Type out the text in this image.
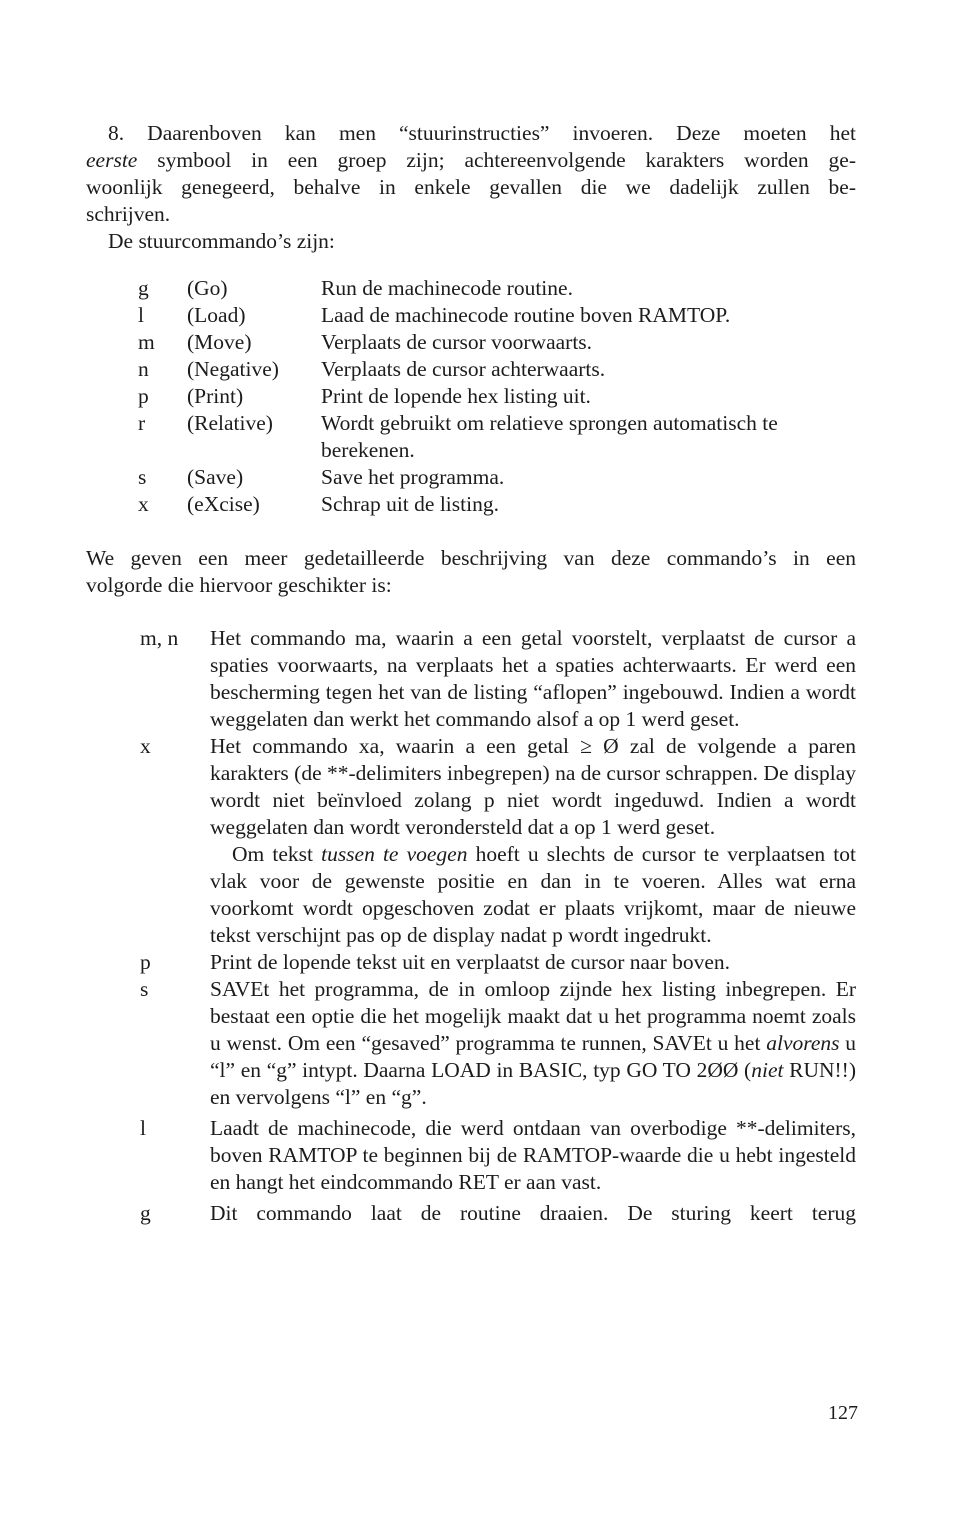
8. Daarenboven kan men “stuurinstructies” invoeren. Deze moeten het
eerste symbool in een groep zijn; achtereenvolgende karakters worden ge-
woonlijk genegeerd, behalve in enkele gevallen die we dadelijk zullen be-
schrijven.
De stuurcommando’s zijn:
g	(Go)	Run de machinecode routine.
l	(Load)	Laad de machinecode routine boven RAMTOP.
m	(Move)	Verplaats de cursor voorwaarts.
n	(Negative)	Verplaats de cursor achterwaarts.
p	(Print)	Print de lopende hex listing uit.
r	(Relative)	Wordt gebruikt om relatieve sprongen automatisch te
berekenen.
s	(Save)	Save het programma.
x	(eXcise)	Schrap uit de listing.
We geven een meer gedetailleerde beschrijving van deze commando’s in een
volgorde die hiervoor geschikter is:
m, n	Het commando ma, waarin a een getal voorstelt, verplaatst de cursor a spaties voorwaarts, na verplaats het a spaties achterwaarts. Er werd een bescherming tegen het van de listing “aflopen” ingebouwd. Indien a wordt weggelaten dan werkt het commando alsof a op 1 werd geset.
x	Het commando xa, waarin a een getal ≥ Ø zal de volgende a paren karakters (de **-delimiters inbegrepen) na de cursor schrappen. De display wordt niet beïnvloed zolang p niet wordt ingeduwd. Indien a wordt weggelaten dan wordt verondersteld dat a op 1 werd geset.
Om tekst tussen te voegen hoeft u slechts de cursor te verplaatsen tot vlak voor de gewenste positie en dan in te voeren. Alles wat erna voorkomt wordt opgeschoven zodat er plaats vrijkomt, maar de nieuwe tekst verschijnt pas op de display nadat p wordt ingedrukt.
p	Print de lopende tekst uit en verplaatst de cursor naar boven.
s	SAVEt het programma, de in omloop zijnde hex listing inbegrepen. Er bestaat een optie die het mogelijk maakt dat u het programma noemt zoals u wenst. Om een “gesaved” programma te runnen, SAVEt u het alvorens u “l” en “g” intypt. Daarna LOAD in BASIC, typ GO TO 2ØØ (niet RUN!!) en vervolgens “l” en “g”.
l	Laadt de machinecode, die werd ontdaan van overbodige **-delimiters, boven RAMTOP te beginnen bij de RAMTOP-waarde die u hebt ingesteld en hangt het eindcommando RET er aan vast.
g	Dit commando laat de routine draaien. De sturing keert terug
127
